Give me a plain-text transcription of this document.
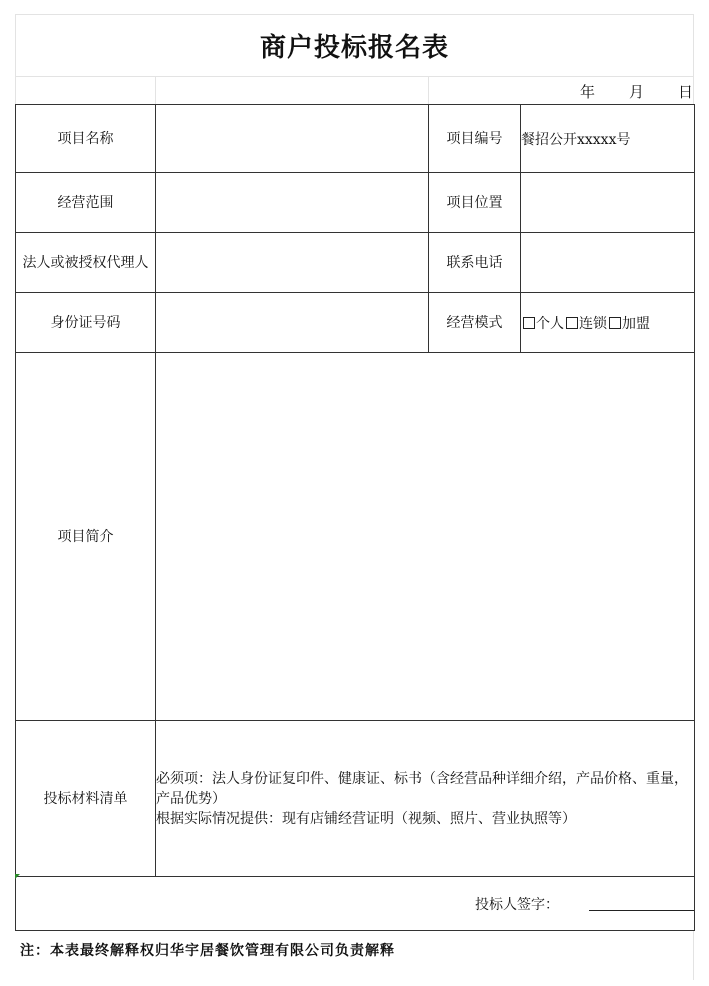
商户投标报名表
年 月 日
项目名称		项目编号	餐招公开xxxxx号
经营范围		项目位置	
法人或被授权代理人		联系电话	
身份证号码		经营模式	个人 连锁 加盟
项目简介			
投标材料清单	必须项：法人身份证复印件、健康证、标书（含经营品种详细介绍，产品价格、重量，产品优势）
根据实际情况提供：现有店铺经营证明（视频、照片、营业执照等）		

投标人签字：			
注：本表最终解释权归华宇居餐饮管理有限公司负责解释
